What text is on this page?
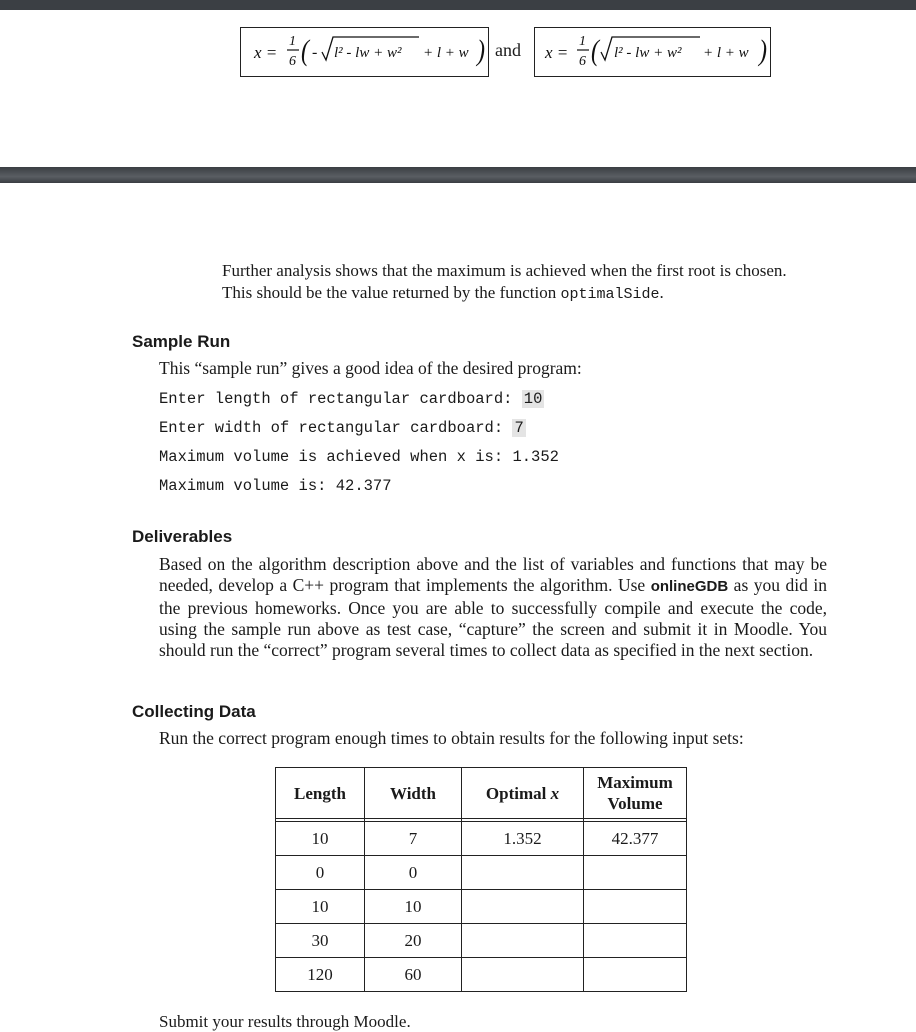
x =
1
6 ( - l² - lw + w² + l + w ) and x =
1
6 ( l² - lw + w² + l + w )
Further analysis shows that the maximum is achieved when the first root is chosen.
This should be the value returned by the function optimalSide.
Sample Run
This “sample run” gives a good idea of the desired program:
Enter length of rectangular cardboard: 10
Enter width of rectangular cardboard: 7
Maximum volume is achieved when x is: 1.352
Maximum volume is: 42.377
Deliverables
Based on the algorithm description above and the list of variables and functions that may be needed, develop a C++ program that implements the algorithm. Use onlineGDB as you did in the previous homeworks. Once you are able to successfully compile and execute the code, using the sample run above as test case, “capture” the screen and submit it in Moodle. You should run the “correct” program several times to collect data as specified in the next section.
Collecting Data
Run the correct program enough times to obtain results for the following input sets:
Length	Width	Optimal x	Maximum Volume

10	7	1.352	42.377
0	0		
10	10		
30	20		
120	60		
Submit your results through Moodle.
